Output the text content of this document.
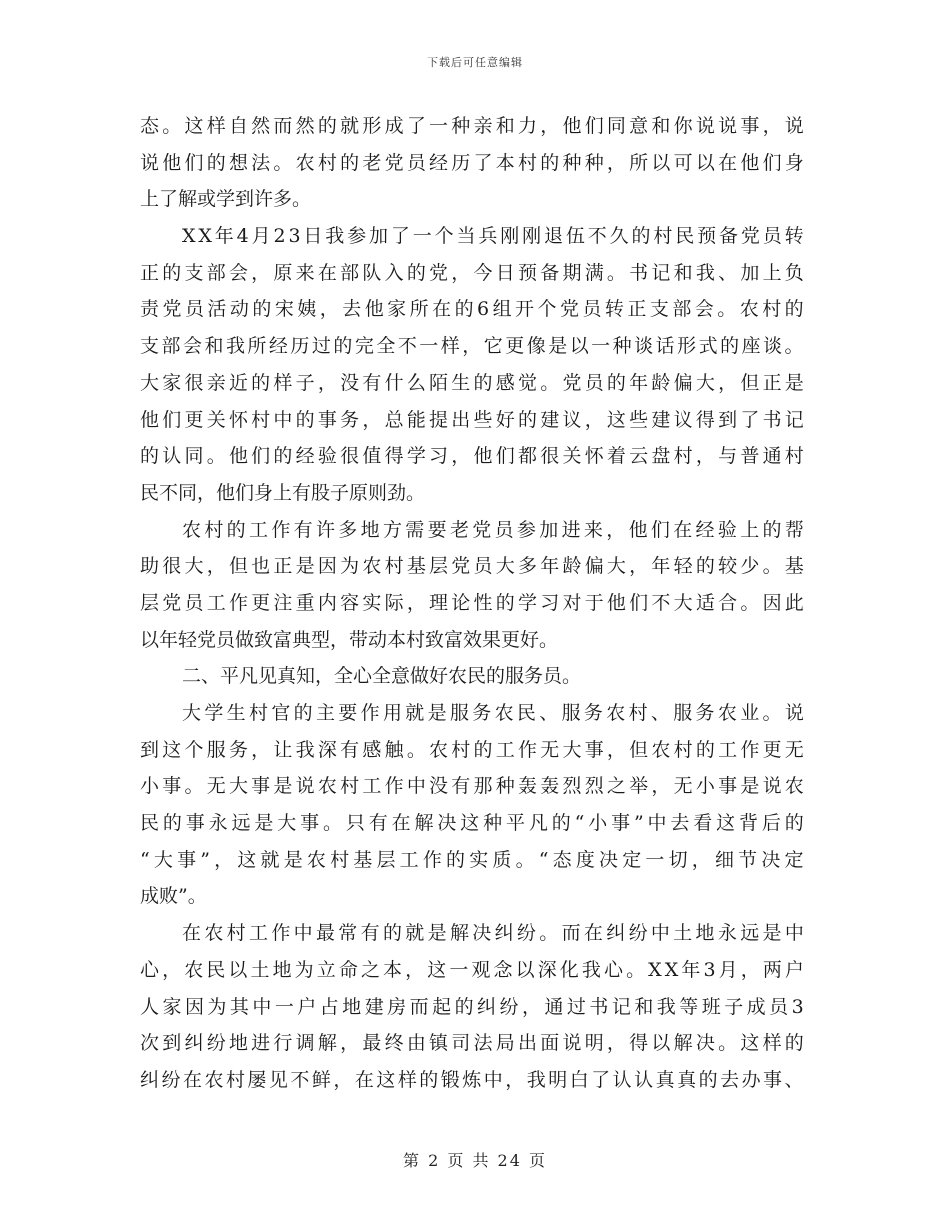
下载后可任意编辑
态 。 这 样 自 然 而 然 的 就 形 成 了 一 种 亲 和 力 ， 他 们 同 意 和 你 说 说 事 ， 说
说 他 们 的 想 法 。 农 村 的 老 党 员 经 历 了 本 村 的 种 种 ， 所 以 可 以 在 他 们 身
上了解或学到许多。
X X 年 4 月 2 3 日 我 参 加 了 一 个 当 兵 刚 刚 退 伍 不 久 的 村 民 预 备 党 员 转
正 的 支 部 会 ， 原 来 在 部 队 入 的 党 ， 今 日 预 备 期 满 。 书 记 和 我 、 加 上 负
责 党 员 活 动 的 宋 姨 ， 去 他 家 所 在 的 6 组 开 个 党 员 转 正 支 部 会 。 农 村 的
支 部 会 和 我 所 经 历 过 的 完 全 不 一 样 ， 它 更 像 是 以 一 种 谈 话 形 式 的 座 谈 。
大 家 很 亲 近 的 样 子 ， 没 有 什 么 陌 生 的 感 觉 。 党 员 的 年 龄 偏 大 ， 但 正 是
他 们 更 关 怀 村 中 的 事 务 ， 总 能 提 出 些 好 的 建 议 ， 这 些 建 议 得 到 了 书 记
的 认 同 。 他 们 的 经 验 很 值 得 学 习 ， 他 们 都 很 关 怀 着 云 盘 村 ， 与 普 通 村
民不同，他们身上有股子原则劲。
农 村 的 工 作 有 许 多 地 方 需 要 老 党 员 参 加 进 来 ， 他 们 在 经 验 上 的 帮
助 很 大 ， 但 也 正 是 因 为 农 村 基 层 党 员 大 多 年 龄 偏 大 ， 年 轻 的 较 少 。 基
层 党 员 工 作 更 注 重 内 容 实 际 ， 理 论 性 的 学 习 对 于 他 们 不 大 适 合 。 因 此
以年轻党员做致富典型，带动本村致富效果更好。
二、平凡见真知，全心全意做好农民的服务员。
大 学 生 村 官 的 主 要 作 用 就 是 服 务 农 民 、 服 务 农 村 、 服 务 农 业 。 说
到 这 个 服 务 ， 让 我 深 有 感 触 。 农 村 的 工 作 无 大 事 ， 但 农 村 的 工 作 更 无
小 事 。 无 大 事 是 说 农 村 工 作 中 没 有 那 种 轰 轰 烈 烈 之 举 ， 无 小 事 是 说 农
民 的 事 永 远 是 大 事 。 只 有 在 解 决 这 种 平 凡 的 “ 小 事 ” 中 去 看 这 背 后 的
“ 大 事 ” ， 这 就 是 农 村 基 层 工 作 的 实 质 。 “ 态 度 决 定 一 切 ， 细 节 决 定
成败”。
在 农 村 工 作 中 最 常 有 的 就 是 解 决 纠 纷 。 而 在 纠 纷 中 土 地 永 远 是 中
心 ， 农 民 以 土 地 为 立 命 之 本 ， 这 一 观 念 以 深 化 我 心 。 X X 年 3 月 ， 两 户
人 家 因 为 其 中 一 户 占 地 建 房 而 起 的 纠 纷 ， 通 过 书 记 和 我 等 班 子 成 员 3
次 到 纠 纷 地 进 行 调 解 ， 最 终 由 镇 司 法 局 出 面 说 明 ， 得 以 解 决 。 这 样 的
纠 纷 在 农 村 屡 见 不 鲜 ， 在 这 样 的 锻 炼 中 ， 我 明 白 了 认 认 真 真 的 去 办 事 、
第 2 页 共 24 页
